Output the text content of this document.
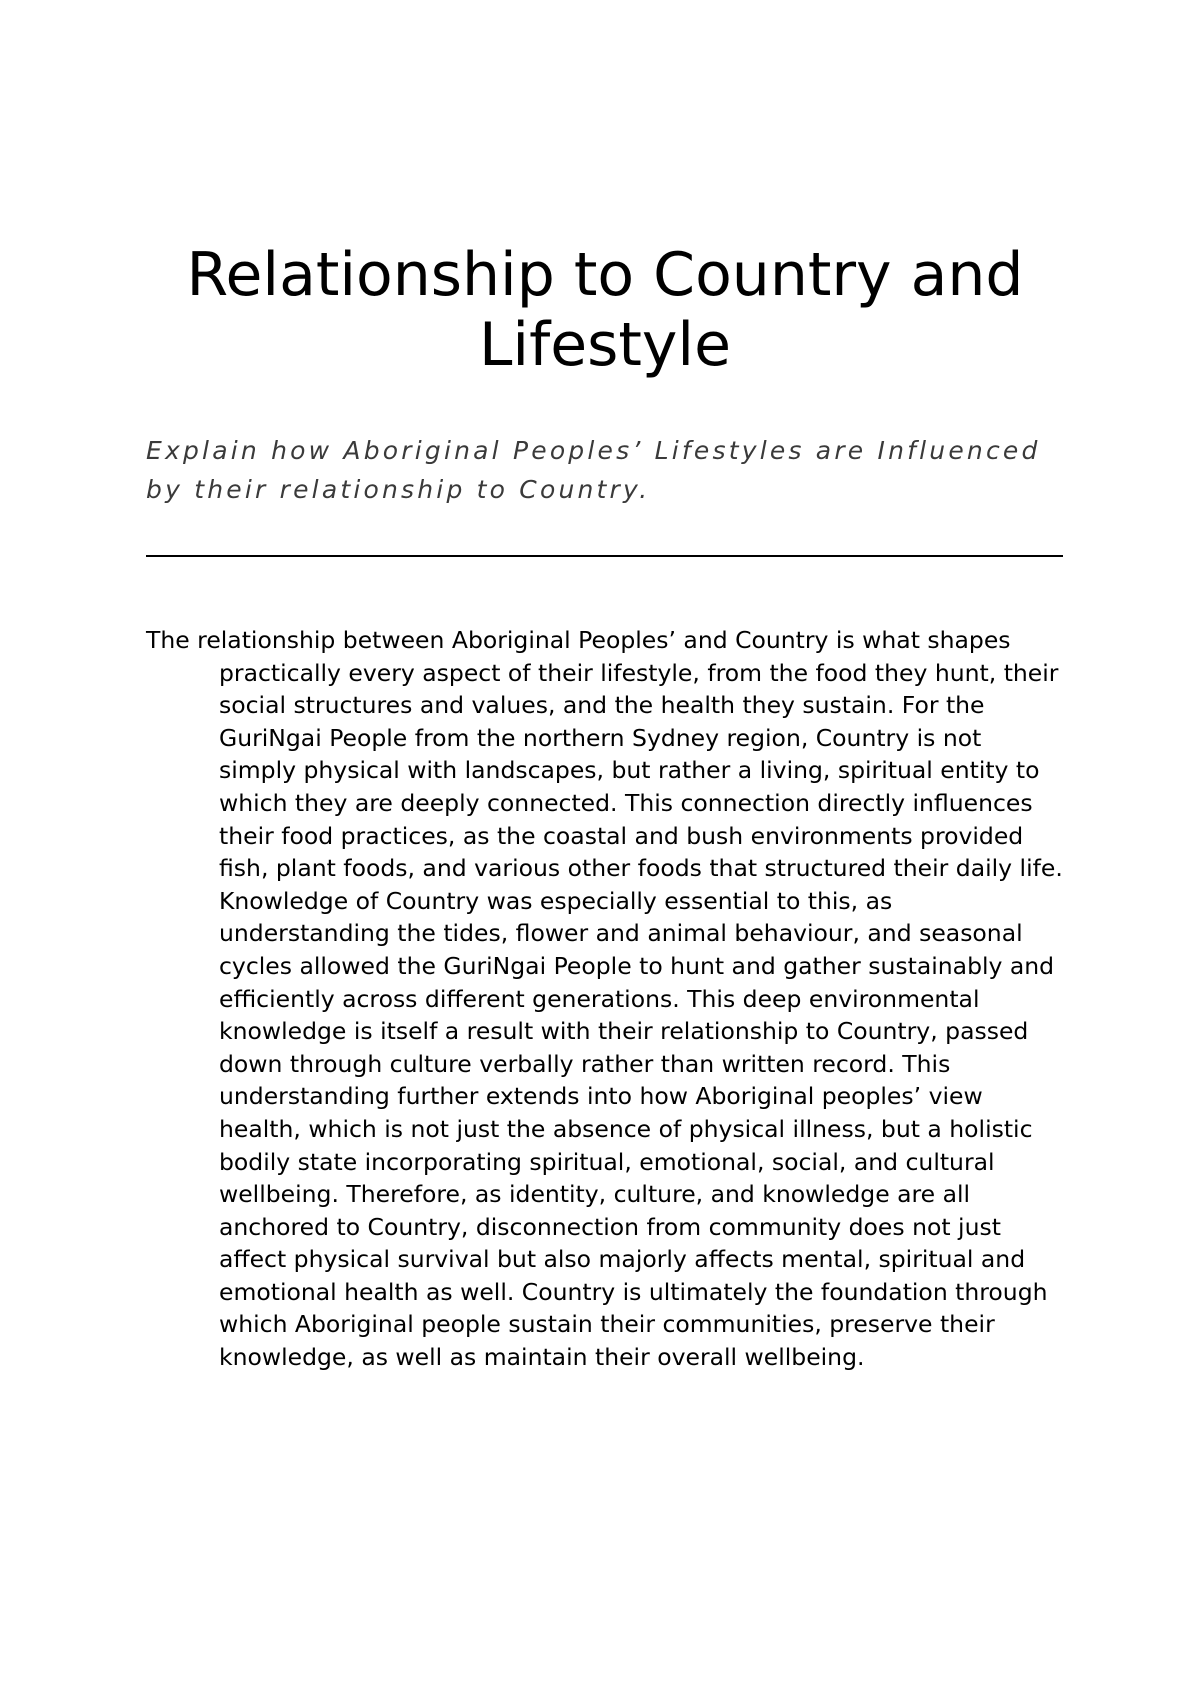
Relationship to Country and Lifestyle

Explain how Aboriginal Peoples’ Lifestyles are Influenced by their relationship to Country.

The relationship between Aboriginal Peoples’ and Country is what shapes practically every aspect of their lifestyle, from the food they hunt, their social structures and values, and the health they sustain. For the GuriNgai People from the northern Sydney region, Country is not simply physical with landscapes, but rather a living, spiritual entity to which they are deeply connected. This connection directly influences their food practices, as the coastal and bush environments provided fish, plant foods, and various other foods that structured their daily life. Knowledge of Country was especially essential to this, as understanding the tides, flower and animal behaviour, and seasonal cycles allowed the GuriNgai People to hunt and gather sustainably and efficiently across different generations. This deep environmental knowledge is itself a result with their relationship to Country, passed down through culture verbally rather than written record. This understanding further extends into how Aboriginal peoples’ view health, which is not just the absence of physical illness, but a holistic bodily state incorporating spiritual, emotional, social, and cultural wellbeing. Therefore, as identity, culture, and knowledge are all anchored to Country, disconnection from community does not just affect physical survival but also majorly affects mental, spiritual and emotional health as well. Country is ultimately the foundation through which Aboriginal people sustain their communities, preserve their knowledge, as well as maintain their overall wellbeing.
